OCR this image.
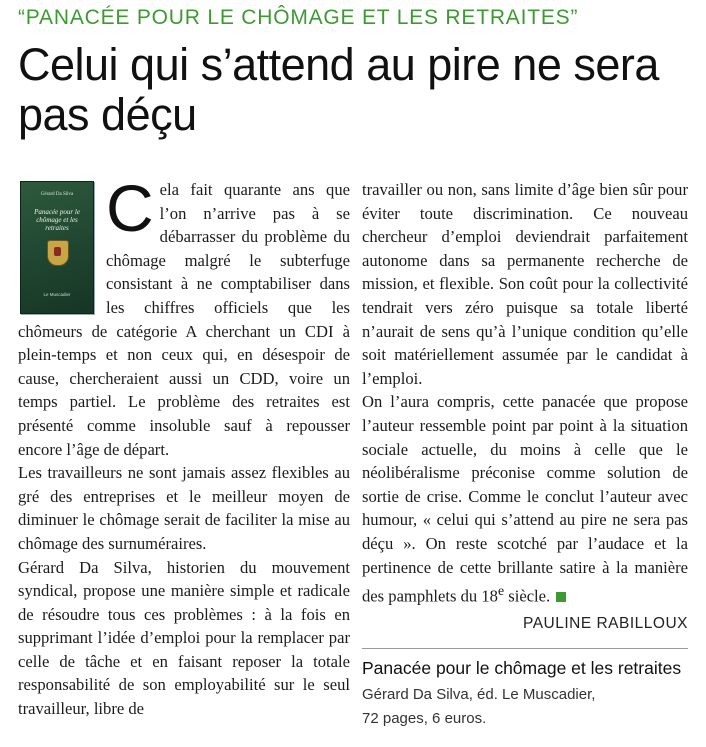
“PANACÉE POUR LE CHÔMAGE ET LES RETRAITES”
Celui qui s’attend au pire ne sera pas déçu
Gérard Da Silva
Panacée pour le chômage et les retraites
Le Muscadier

Cela fait quarante ans que l’on n’arrive pas à se débarrasser du problème du chômage malgré le subterfuge consistant à ne comptabiliser dans les chiffres officiels que les chômeurs de catégorie A cherchant un CDI à plein-temps et non ceux qui, en désespoir de cause, chercheraient aussi un CDD, voire un temps partiel. Le problème des retraites est présenté comme insoluble sauf à repousser encore l’âge de départ.

Les travailleurs ne sont jamais assez flexibles au gré des entreprises et le meilleur moyen de diminuer le chômage serait de faciliter la mise au chômage des surnuméraires.

Gérard Da Silva, historien du mouvement syndical, propose une manière simple et radicale de résoudre tous ces problèmes : à la fois en supprimant l’idée d’emploi pour la remplacer par celle de tâche et en faisant reposer la totale responsabilité de son employabilité sur le seul travailleur, libre de

travailler ou non, sans limite d’âge bien sûr pour éviter toute discrimination. Ce nouveau chercheur d’emploi deviendrait parfaitement autonome dans sa permanente recherche de mission, et flexible. Son coût pour la collectivité tendrait vers zéro puisque sa totale liberté n’aurait de sens qu’à l’unique condition qu’elle soit matériellement assumée par le candidat à l’emploi.

On l’aura compris, cette panacée que propose l’auteur ressemble point par point à la situation sociale actuelle, du moins à celle que le néolibéralisme préconise comme solution de sortie de crise. Comme le conclut l’auteur avec humour, « celui qui s’attend au pire ne sera pas déçu ». On reste scotché par l’audace et la pertinence de cette brillante satire à la manière des pamphlets du 18e siècle.

PAULINE RABILLOUX
Panacée pour le chômage et les retraites
Gérard Da Silva, éd. Le Muscadier,
72 pages, 6 euros.
